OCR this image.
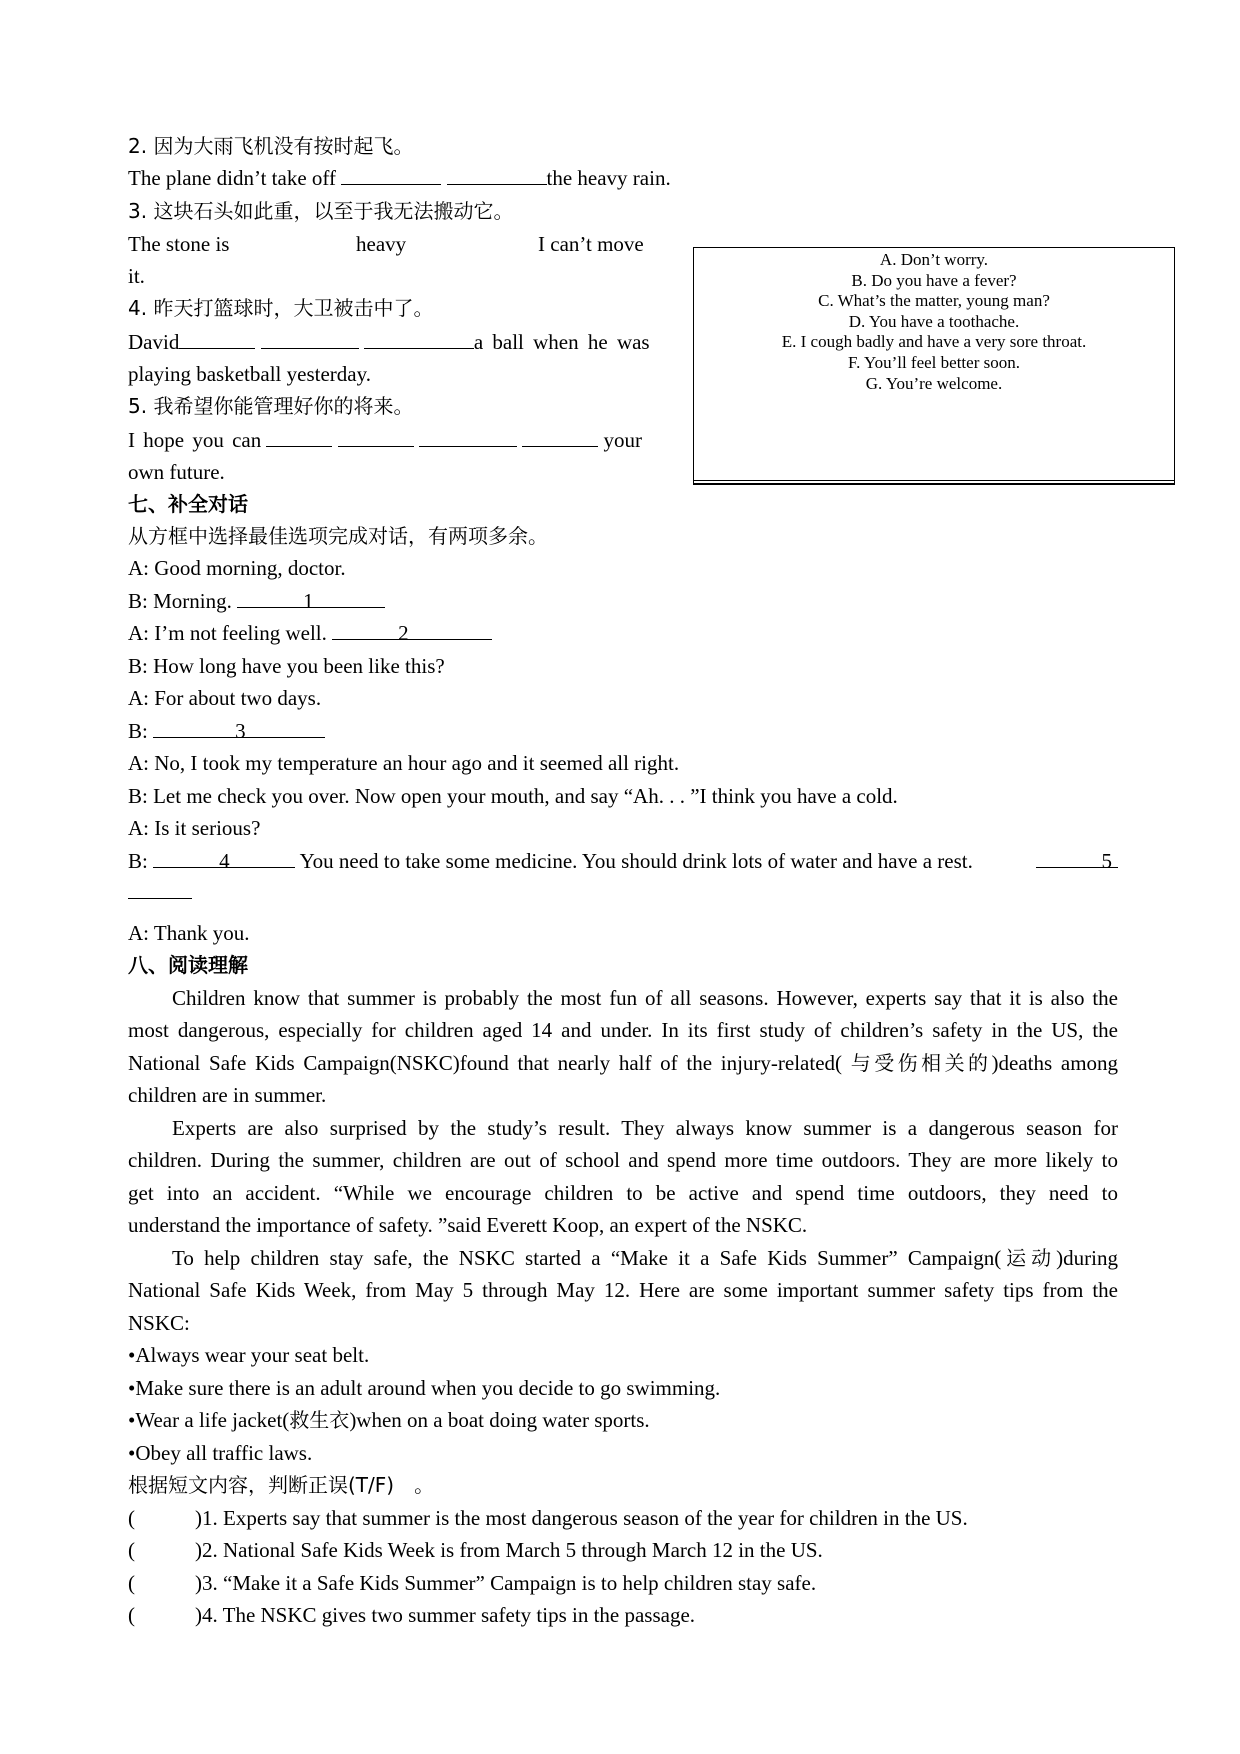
2. 因为大雨飞机没有按时起飞。
The plane didn’t take off	the heavy rain.
3. 这块石头如此重，以至于我无法搬动它。
The stone is	heavy	I can’t move
it.
4. 昨天打篮球时，大卫被击中了。
David	a ball when he was
playing basketball yesterday.
5. 我希望你能管理好你的将来。
I hope you can	your
own future.
七、补全对话
从方框中选择最佳选项完成对话，有两项多余。
A: Good morning, doctor.
B: Morning.	1
A: I’m not feeling well.	2
B: How long have you been like this?
A: For about two days.
B:	3
A: No, I took my temperature an hour ago and it seemed all right.
B: Let me check you over. Now open your mouth, and say “Ah. . . ”I think you have a cold.
A: Is it serious?
B:	4	You need to take some medicine. You should drink lots of water and have a rest.	5
A: Thank you.
八、阅读理解
Children know that summer is probably the most fun of all seasons. However, experts say that it is also the
most dangerous, especially for children aged 14 and under. In its first study of children’s safety in the US, the
National Safe Kids Campaign(NSKC)found that nearly half of the injury-related( 与受伤相关的)deaths among
children are in summer.
Experts are also surprised by the study’s result. They always know summer is a dangerous season for
children. During the summer, children are out of school and spend more time outdoors. They are more likely to
get into an accident. “While we encourage children to be active and spend time outdoors, they need to
understand the importance of safety. ”said Everett Koop, an expert of the NSKC.
To help children stay safe, the NSKC started a “Make it a Safe Kids Summer” Campaign(运动)during
National Safe Kids Week, from May 5 through May 12. Here are some important summer safety tips from the
NSKC:
•Always wear your seat belt.
•Make sure there is an adult around when you decide to go swimming.
•Wear a life jacket(救生衣)when on a boat doing water sports.
•Obey all traffic laws.
根据短文内容，判断正误(T/F)　。
(	)1. Experts say that summer is the most dangerous season of the year for children in the US.
(	)2. National Safe Kids Week is from March 5 through March 12 in the US.
(	)3. “Make it a Safe Kids Summer” Campaign is to help children stay safe.
(	)4. The NSKC gives two summer safety tips in the passage.
A. Don’t worry.
B. Do you have a fever?
C. What’s the matter, young man?
D. You have a toothache.
E. I cough badly and have a very sore throat.
F. You’ll feel better soon.
G. You’re welcome.
